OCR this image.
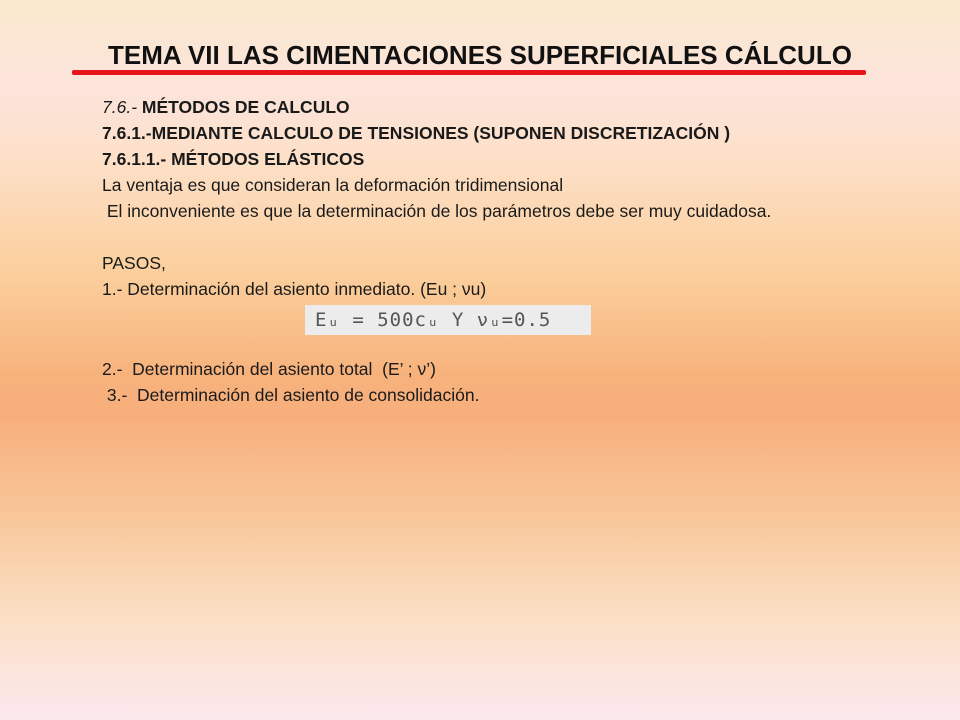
TEMA VII LAS CIMENTACIONES SUPERFICIALES CÁLCULO
7.6.- MÉTODOS DE CALCULO
7.6.1.-MEDIANTE CALCULO DE TENSIONES (SUPONEN DISCRETIZACIÓN )
7.6.1.1.- MÉTODOS ELÁSTICOS
La ventaja es que consideran la deformación tridimensional
El inconveniente es que la determinación de los parámetros debe ser muy cuidadosa.
PASOS,
1.- Determinación del asiento inmediato. (Eu ; νu)
Eᵤ = 500cᵤ Y νᵤ=0.5
2.-  Determinación del asiento total  (E’ ; ν’)
3.-  Determinación del asiento de consolidación.
